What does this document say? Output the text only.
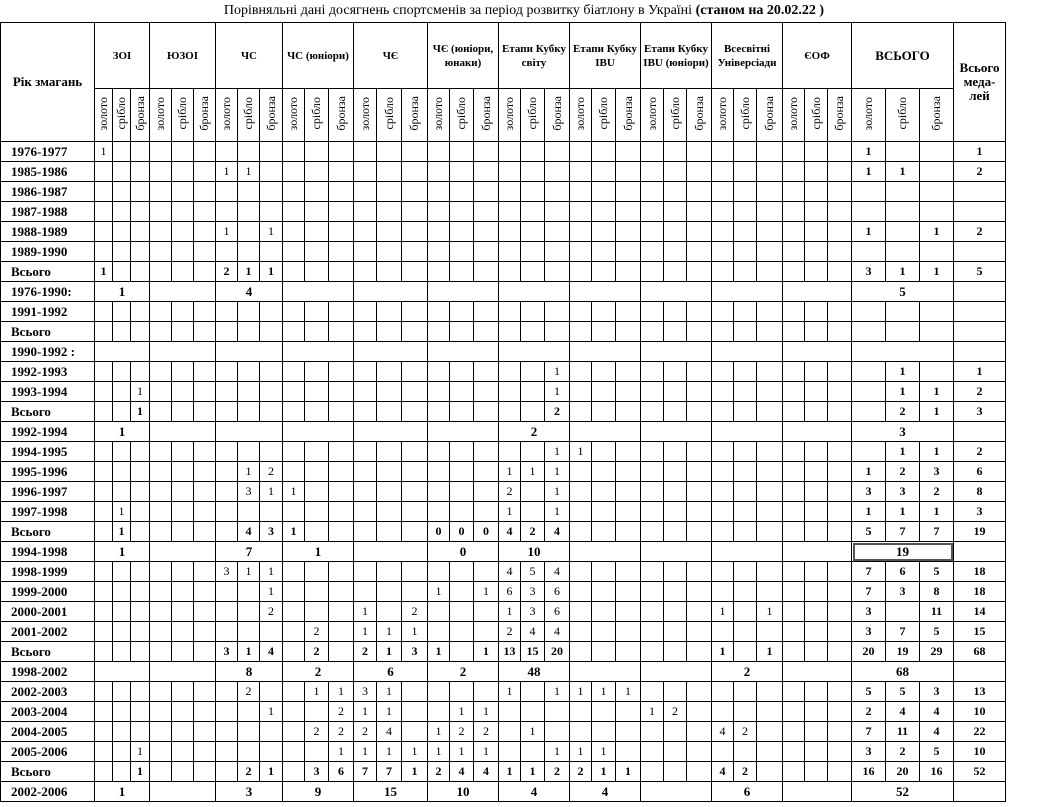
Порівняльні дані досягнень спортсменів за період розвитку біатлону в Україні (станом на 20.02.22 )
Рік змагань	ЗОІ			ЮЗОІ			ЧС			ЧС (юніори)			ЧЄ			ЧЄ (юніори, юнаки)			Етапи Кубку світу			Етапи Кубку IBU			Етапи Кубку IBU (юніори)			Всесвітні Універсіади			ЄОФ			ВСЬОГО			Всього меда-лей
	золото	срібло	бронза	золото	срібло	бронза	золото	срібло	бронза	золото	срібло	бронза	золото	срібло	бронза	золото	срібло	бронза	золото	срібло	бронза	золото	срібло	бронза	золото	срібло	бронза	золото	срібло	бронза	золото	срібло	бронза	золото	срібло	бронза	
1976-1977	1																																	1			1
1985-1986							1	1																										1	1		2
1986-1987																																					
1987-1988																																					
1988-1989							1		1																									1		1	2
1989-1990																																					
Всього	1						2	1	1																									3	1	1	5
1976-1990:	1						4																											5			
1991-1992																																					
Всього																																					
1990-1992 :																																					
1992-1993																					1														1		1
1993-1994			1																		1														1	1	2
Всього			1																		2														2	1	3
1992-1994	1																		2															3			
1994-1995																					1	1													1	1	2
1995-1996								1	2										1	1	1													1	2	3	6
1996-1997								3	1	1									2		1													3	3	2	8
1997-1998		1																	1		1													1	1	1	3
Всього		1						4	3	1						0	0	0	4	2	4													5	7	7	19
1994-1998	1						7			1						0			10															19			
1998-1999							3	1	1										4	5	4													7	6	5	18
1999-2000									1							1		1	6	3	6													7	3	8	18
2000-2001									2				1		2				1	3	6							1		1				3		11	14
2001-2002											2		1	1	1				2	4	4													3	7	5	15
Всього							3	1	4		2		2	1	3	1		1	13	15	20							1		1				20	19	29	68
1998-2002							8			2			6			2			48									2						68			
2002-2003								2			1	1	3	1					1		1	1	1	1										5	5	3	13
2003-2004									1			2	1	1			1	1							1	2								2	4	4	10
2004-2005											2	2	2	4		1	2	2		1								4	2					7	11	4	22
2005-2006			1									1	1	1	1	1	1	1			1	1	1											3	2	5	10
Всього			1					2	1		3	6	7	7	1	2	4	4	1	1	2	2	1	1				4	2					16	20	16	52
2002-2006	1						3			9			15			10			4			4						6						52			
